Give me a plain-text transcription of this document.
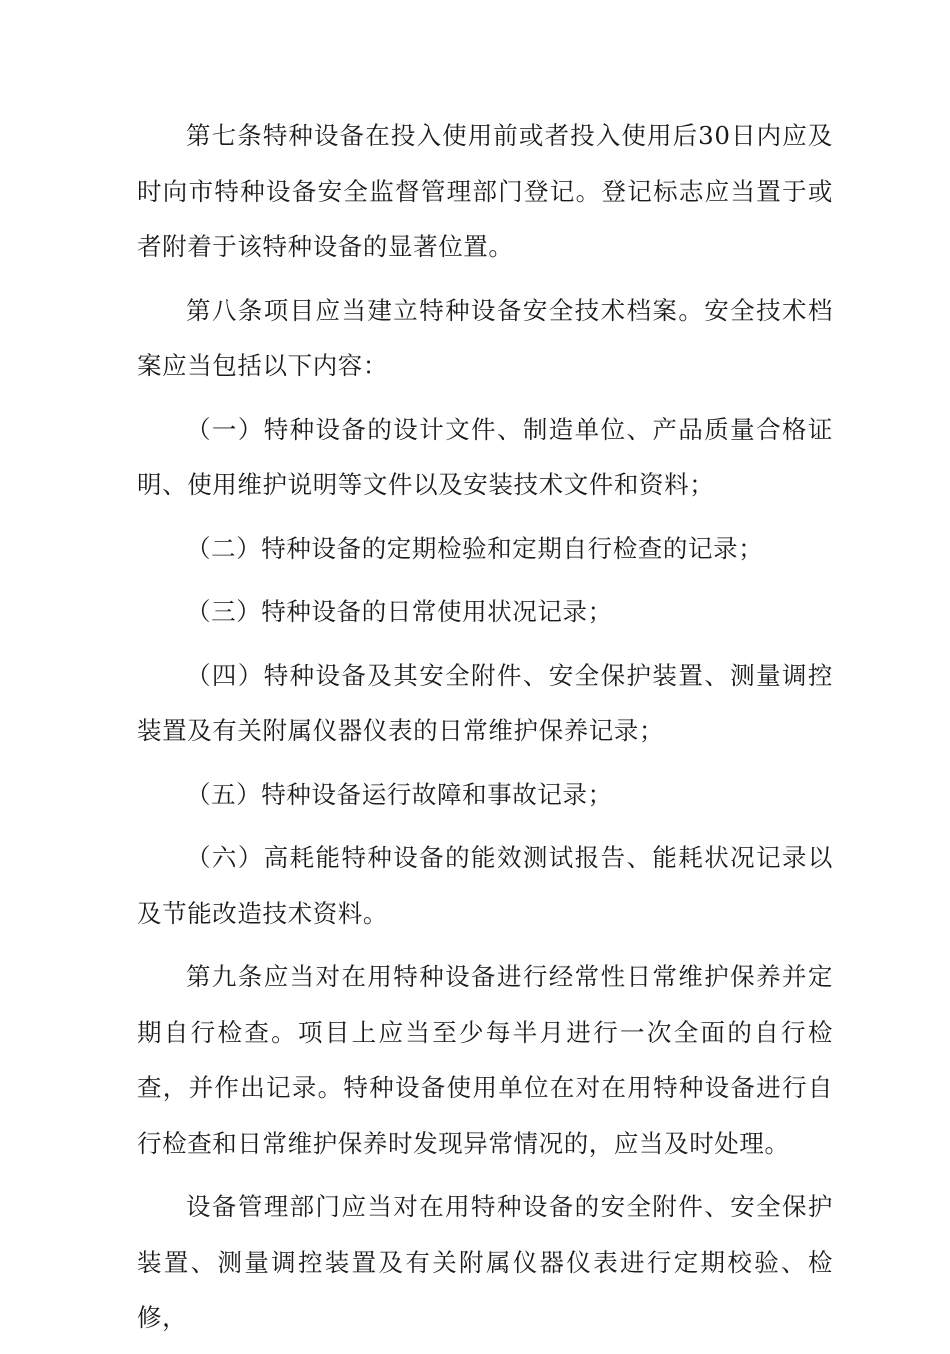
第七条特种设备在投入使用前或者投入使用后30日内应及时向市特种设备安全监督管理部门登记。登记标志应当置于或者附着于该特种设备的显著位置。

第八条项目应当建立特种设备安全技术档案。安全技术档案应当包括以下内容：

（一）特种设备的设计文件、制造单位、产品质量合格证明、使用维护说明等文件以及安装技术文件和资料；

（二）特种设备的定期检验和定期自行检查的记录；

（三）特种设备的日常使用状况记录；

（四）特种设备及其安全附件、安全保护装置、测量调控装置及有关附属仪器仪表的日常维护保养记录；

（五）特种设备运行故障和事故记录；

（六）高耗能特种设备的能效测试报告、能耗状况记录以及节能改造技术资料。

第九条应当对在用特种设备进行经常性日常维护保养并定期自行检查。项目上应当至少每半月进行一次全面的自行检查，并作出记录。特种设备使用单位在对在用特种设备进行自行检查和日常维护保养时发现异常情况的，应当及时处理。

设备管理部门应当对在用特种设备的安全附件、安全保护装置、测量调控装置及有关附属仪器仪表进行定期校验、检修，
